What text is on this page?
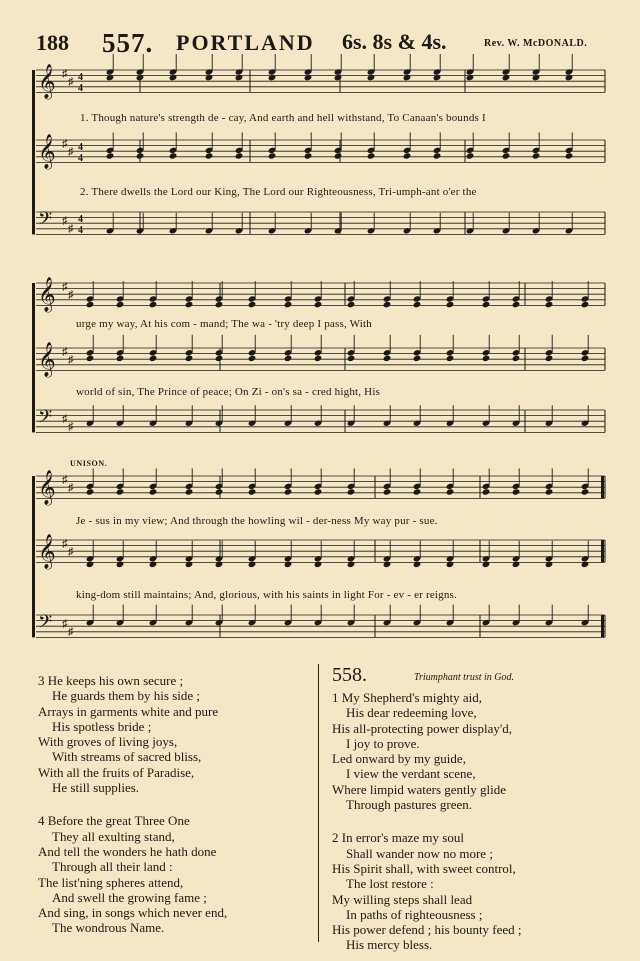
188 557. PORTLAND 6s. 8s & 4s.	Rev. W. McDONALD.
𝄞 ♯
♯ 4
4
𝄞 ♯
♯ 4
4
𝄢 ♯
♯
4
4
𝄞 ♯
♯
𝄞 ♯
♯
𝄢 ♯
♯
𝄞 ♯
♯
𝄞 ♯
♯
𝄢 ♯
♯
UNISON.
1. Though nature's strength de - cay, And earth and hell withstand, To Canaan's bounds I
2. There dwells the Lord our King, The Lord our Righteousness, Tri-umph-ant o'er the
urge my way, At his com - mand; The wa - 'try deep I pass, With
world of sin, The Prince of peace; On Zi - on's sa - cred hight, His
Je - sus in my view; And through the howling wil - der-ness My way pur - sue.
king-dom still maintains; And, glorious, with his saints in light For - ev - er reigns.
3 He keeps his own secure ;
He guards them by his side ;
Arrays in garments white and pure
His spotless bride ;
With groves of living joys,
With streams of sacred bliss,
With all the fruits of Paradise,
He still supplies.
4 Before the great Three One
They all exulting stand,
And tell the wonders he hath done
Through all their land :
The list'ning spheres attend,
And swell the growing fame ;
And sing, in songs which never end,
The wondrous Name.
558.	Triumphant trust in God.
1 My Shepherd's mighty aid,
His dear redeeming love,
His all-protecting power display'd,
I joy to prove.
Led onward by my guide,
I view the verdant scene,
Where limpid waters gently glide
Through pastures green.
2 In error's maze my soul
Shall wander now no more ;
His Spirit shall, with sweet control,
The lost restore :
My willing steps shall lead
In paths of righteousness ;
His power defend ; his bounty feed ;
His mercy bless.
